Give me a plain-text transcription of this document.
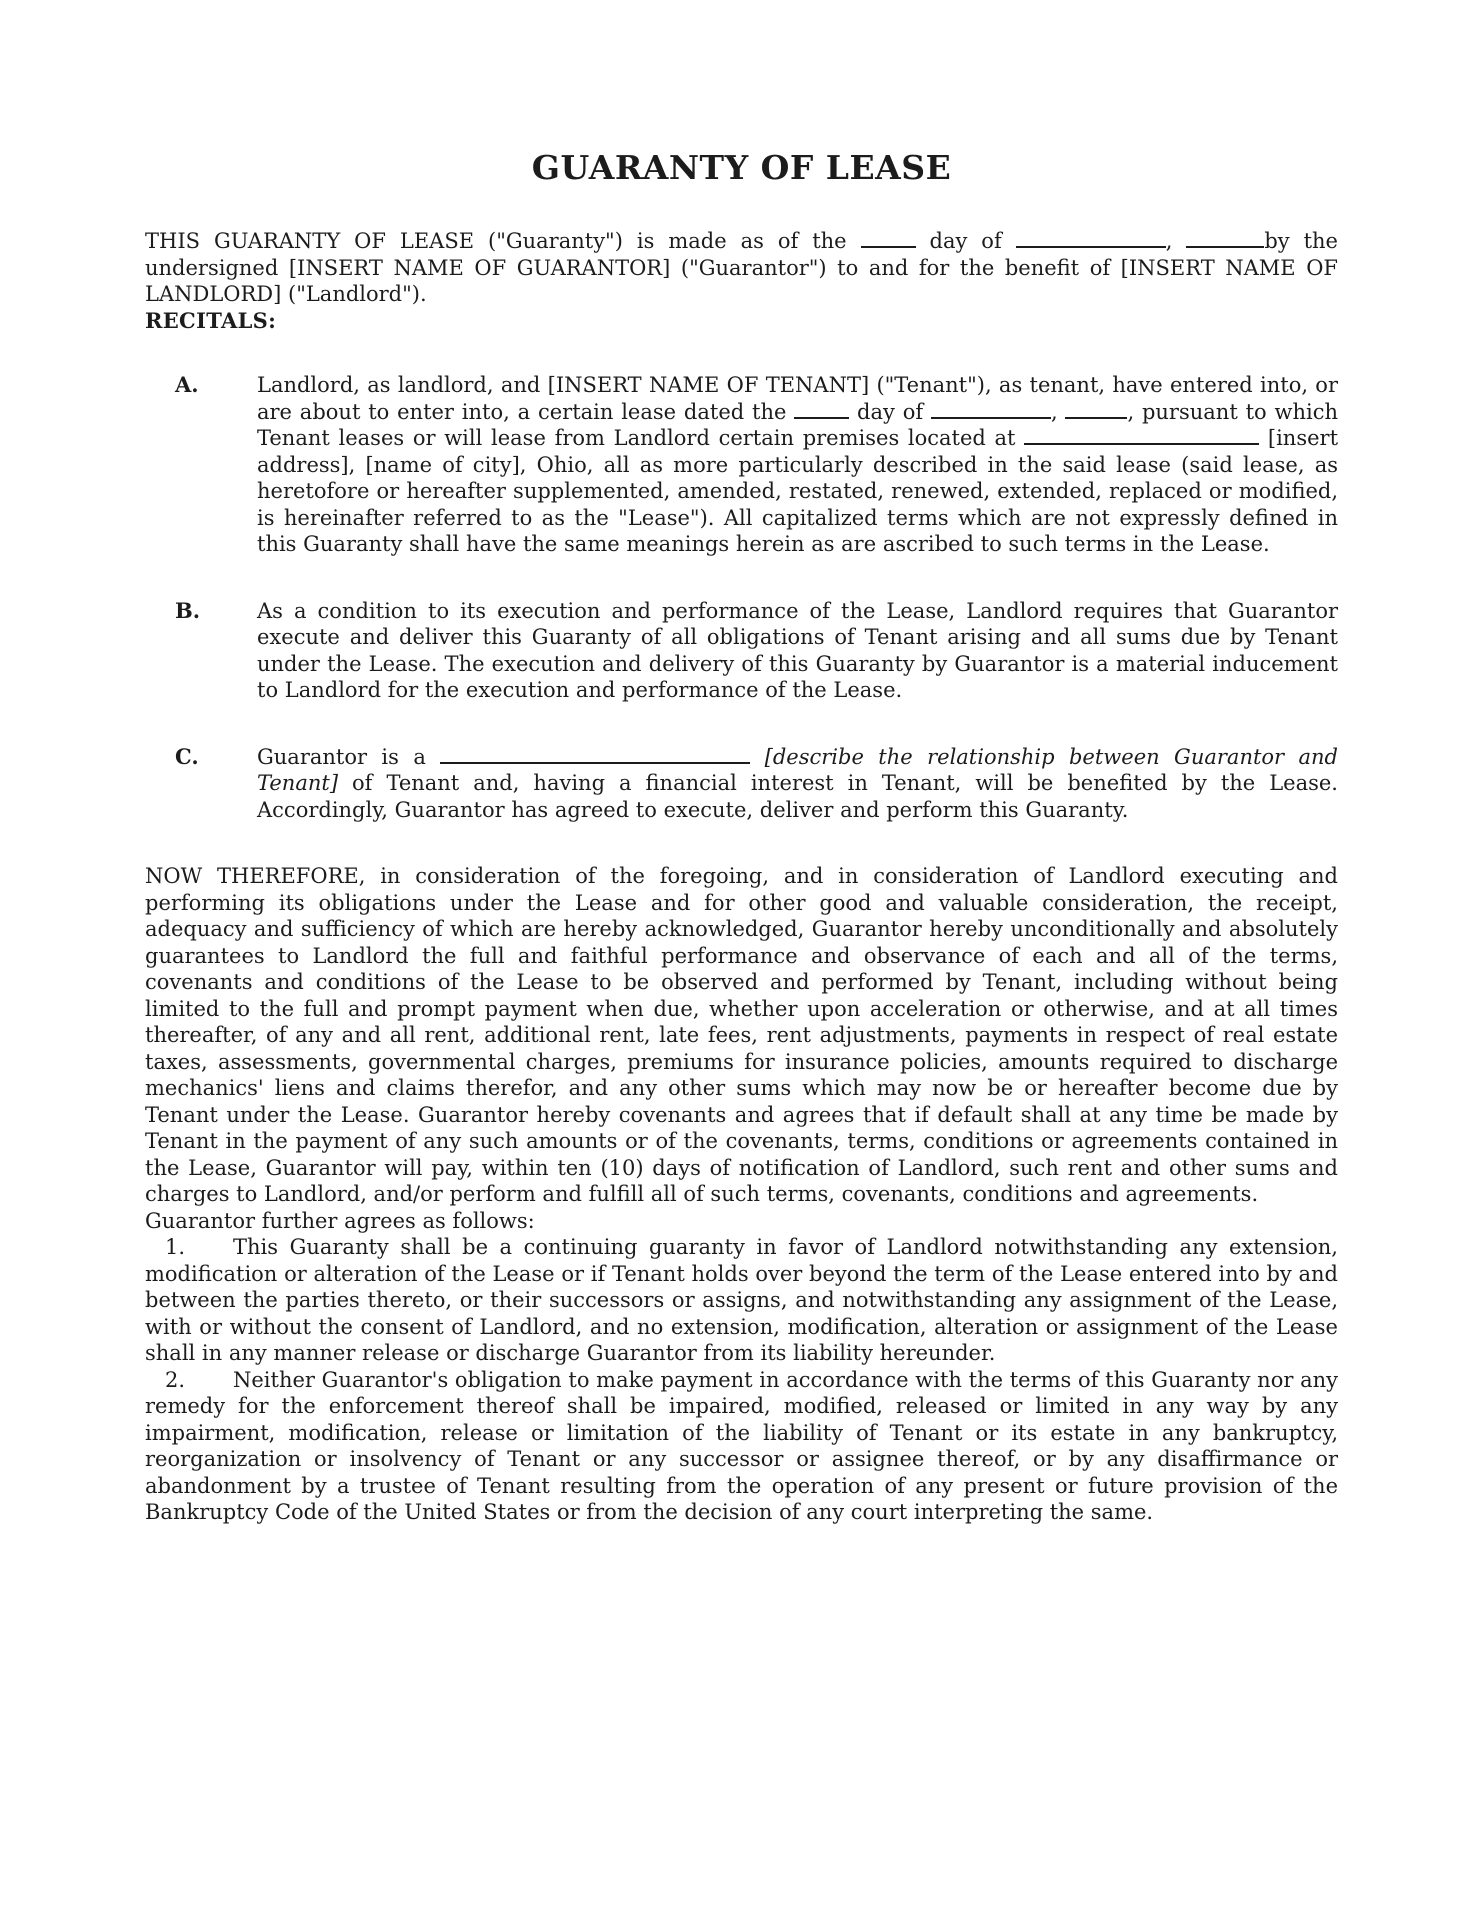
GUARANTY OF LEASE

THIS GUARANTY OF LEASE ("Guaranty") is made as of the	day of	,	by the undersigned [INSERT NAME OF GUARANTOR] ("Guarantor") to and for the benefit of [INSERT NAME OF LANDLORD] ("Landlord").

RECITALS:
A.	Landlord, as landlord, and [INSERT NAME OF TENANT] ("Tenant"), as tenant, have entered into, or are about to enter into, a certain lease dated the	day of	,	, pursuant to which Tenant leases or will lease from Landlord certain premises located at	[insert address], [name of city], Ohio, all as more particularly described in the said lease (said lease, as heretofore or hereafter supplemented, amended, restated, renewed, extended, replaced or modified, is hereinafter referred to as the "Lease"). All capitalized terms which are not expressly defined in this Guaranty shall have the same meanings herein as are ascribed to such terms in the Lease.

B.	As a condition to its execution and performance of the Lease, Landlord requires that Guarantor execute and deliver this Guaranty of all obligations of Tenant arising and all sums due by Tenant under the Lease. The execution and delivery of this Guaranty by Guarantor is a material inducement to Landlord for the execution and performance of the Lease.

C.	Guarantor is a	[describe the relationship between Guarantor and Tenant] of Tenant and, having a financial interest in Tenant, will be benefited by the Lease. Accordingly, Guarantor has agreed to execute, deliver and perform this Guaranty.

NOW THEREFORE, in consideration of the foregoing, and in consideration of Landlord executing and performing its obligations under the Lease and for other good and valuable consideration, the receipt, adequacy and sufficiency of which are hereby acknowledged, Guarantor hereby unconditionally and absolutely guarantees to Landlord the full and faithful performance and observance of each and all of the terms, covenants and conditions of the Lease to be observed and performed by Tenant, including without being limited to the full and prompt payment when due, whether upon acceleration or otherwise, and at all times thereafter, of any and all rent, additional rent, late fees, rent adjustments, payments in respect of real estate taxes, assessments, governmental charges, premiums for insurance policies, amounts required to discharge mechanics' liens and claims therefor, and any other sums which may now be or hereafter become due by Tenant under the Lease. Guarantor hereby covenants and agrees that if default shall at any time be made by Tenant in the payment of any such amounts or of the covenants, terms, conditions or agreements contained in the Lease, Guarantor will pay, within ten (10) days of notification of Landlord, such rent and other sums and charges to Landlord, and/or perform and fulfill all of such terms, covenants, conditions and agreements.

Guarantor further agrees as follows:

1. This Guaranty shall be a continuing guaranty in favor of Landlord notwithstanding any extension, modification or alteration of the Lease or if Tenant holds over beyond the term of the Lease entered into by and between the parties thereto, or their successors or assigns, and notwithstanding any assignment of the Lease, with or without the consent of Landlord, and no extension, modification, alteration or assignment of the Lease shall in any manner release or discharge Guarantor from its liability hereunder.

2. Neither Guarantor's obligation to make payment in accordance with the terms of this Guaranty nor any remedy for the enforcement thereof shall be impaired, modified, released or limited in any way by any impairment, modification, release or limitation of the liability of Tenant or its estate in any bankruptcy, reorganization or insolvency of Tenant or any successor or assignee thereof, or by any disaffirmance or abandonment by a trustee of Tenant resulting from the operation of any present or future provision of the Bankruptcy Code of the United States or from the decision of any court interpreting the same.
